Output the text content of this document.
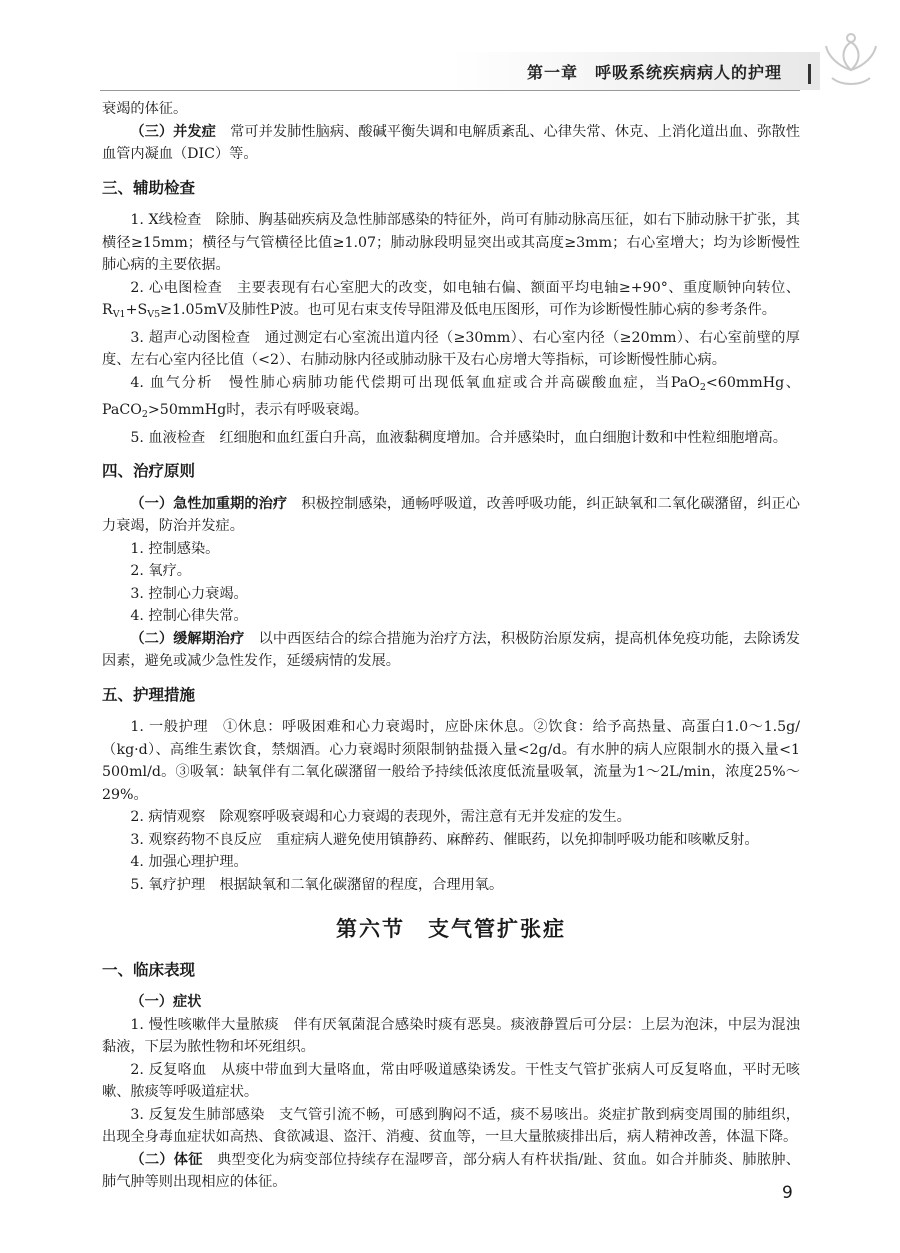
第一章　呼吸系统疾病病人的护理

衰竭的体征。

（三）并发症　常可并发肺性脑病、酸碱平衡失调和电解质紊乱、心律失常、休克、上消化道出血、弥散性血管内凝血（DIC）等。

三、辅助检查

1. X线检查　除肺、胸基础疾病及急性肺部感染的特征外，尚可有肺动脉高压征，如右下肺动脉干扩张，其横径≥15mm；横径与气管横径比值≥1.07；肺动脉段明显突出或其高度≥3mm；右心室增大；均为诊断慢性肺心病的主要依据。

2. 心电图检查　主要表现有右心室肥大的改变，如电轴右偏、额面平均电轴≥+90°、重度顺钟向转位、$R_{V1}+S_{V5}\ge 1.05mV$及肺性P波。也可见右束支传导阻滞及低电压图形，可作为诊断慢性肺心病的参考条件。

3. 超声心动图检查　通过测定右心室流出道内径（≥30mm）、右心室内径（≥20mm）、右心室前壁的厚度、左右心室内径比值（<2）、右肺动脉内径或肺动脉干及右心房增大等指标，可诊断慢性肺心病。

4. 血气分析　慢性肺心病肺功能代偿期可出现低氧血症或合并高碳酸血症，当PaO$_2$<60mmHg、PaCO$_2$>50mmHg时，表示有呼吸衰竭。

5. 血液检查　红细胞和血红蛋白升高，血液黏稠度增加。合并感染时，血白细胞计数和中性粒细胞增高。

四、治疗原则

（一）急性加重期的治疗　积极控制感染，通畅呼吸道，改善呼吸功能，纠正缺氧和二氧化碳潴留，纠正心力衰竭，防治并发症。

1. 控制感染。

2. 氧疗。

3. 控制心力衰竭。

4. 控制心律失常。

（二）缓解期治疗　以中西医结合的综合措施为治疗方法，积极防治原发病，提高机体免疫功能，去除诱发因素，避免或减少急性发作，延缓病情的发展。

五、护理措施

1. 一般护理　①休息：呼吸困难和心力衰竭时，应卧床休息。②饮食：给予高热量、高蛋白1.0～1.5g/（kg·d）、高维生素饮食，禁烟酒。心力衰竭时须限制钠盐摄入量<2g/d。有水肿的病人应限制水的摄入量<1 500ml/d。③吸氧：缺氧伴有二氧化碳潴留一般给予持续低浓度低流量吸氧，流量为1～2L/min，浓度25%～29%。

2. 病情观察　除观察呼吸衰竭和心力衰竭的表现外，需注意有无并发症的发生。

3. 观察药物不良反应　重症病人避免使用镇静药、麻醉药、催眠药，以免抑制呼吸功能和咳嗽反射。

4. 加强心理护理。

5. 氧疗护理　根据缺氧和二氧化碳潴留的程度，合理用氧。

第六节　支气管扩张症
一、临床表现

（一）症状

1. 慢性咳嗽伴大量脓痰　伴有厌氧菌混合感染时痰有恶臭。痰液静置后可分层：上层为泡沫，中层为混浊黏液，下层为脓性物和坏死组织。

2. 反复咯血　从痰中带血到大量咯血，常由呼吸道感染诱发。干性支气管扩张病人可反复咯血，平时无咳嗽、脓痰等呼吸道症状。

3. 反复发生肺部感染　支气管引流不畅，可感到胸闷不适，痰不易咳出。炎症扩散到病变周围的肺组织，出现全身毒血症状如高热、食欲减退、盗汗、消瘦、贫血等，一旦大量脓痰排出后，病人精神改善，体温下降。

（二）体征　典型变化为病变部位持续存在湿啰音，部分病人有杵状指/趾、贫血。如合并肺炎、肺脓肿、肺气肿等则出现相应的体征。

9
